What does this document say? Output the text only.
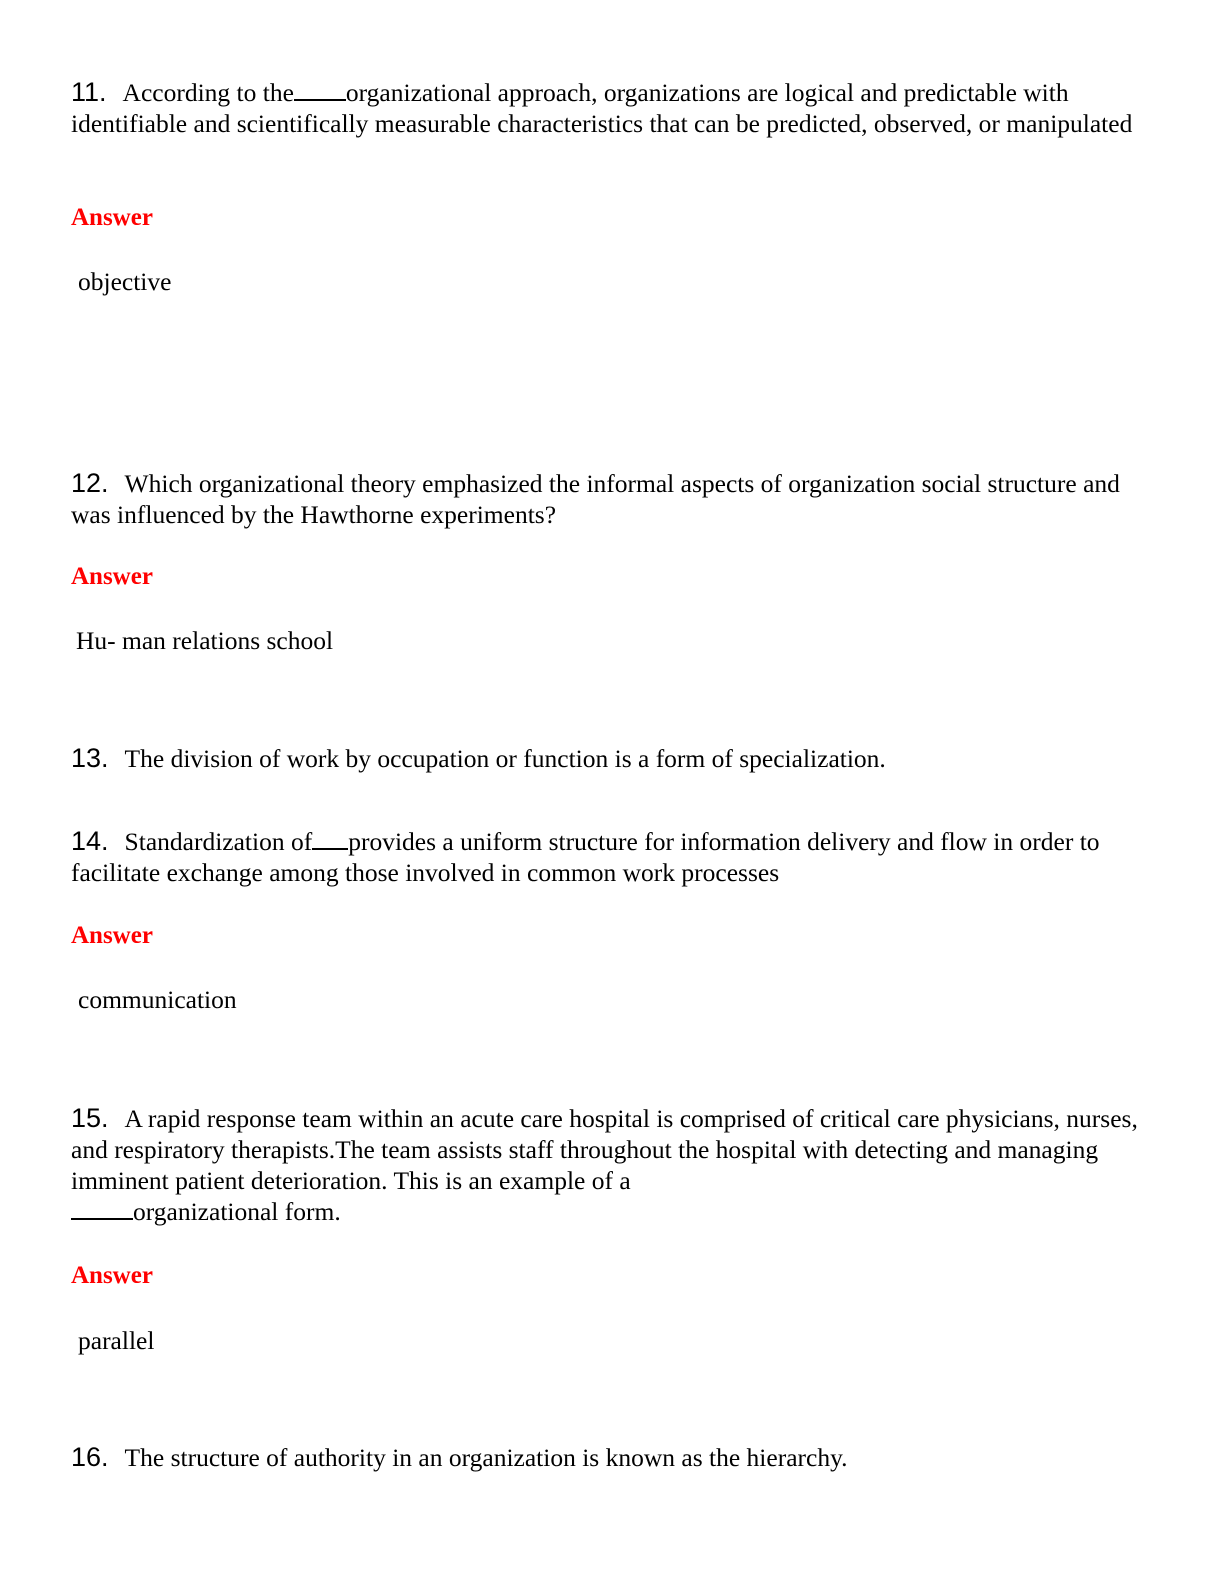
11. According to the organizational approach, organizations are logical and predictable with identifiable and scientifically measurable characteristics that can be predicted, observed, or manipulated
Answer
objective
12. Which organizational theory emphasized the informal aspects of organization social structure and was influenced by the Hawthorne experiments?
Answer
Hu- man relations school
13. The division of work by occupation or function is a form of specialization.
14. Standardization of provides a uniform structure for information delivery and flow in order to facilitate exchange among those involved in common work processes
Answer
communication
15. A rapid response team within an acute care hospital is comprised of critical care physicians, nurses, and respiratory therapists.The team assists staff throughout the hospital with detecting and managing imminent patient deterioration. This is an example of a
organizational form.
Answer
parallel
16. The structure of authority in an organization is known as the hierarchy.
